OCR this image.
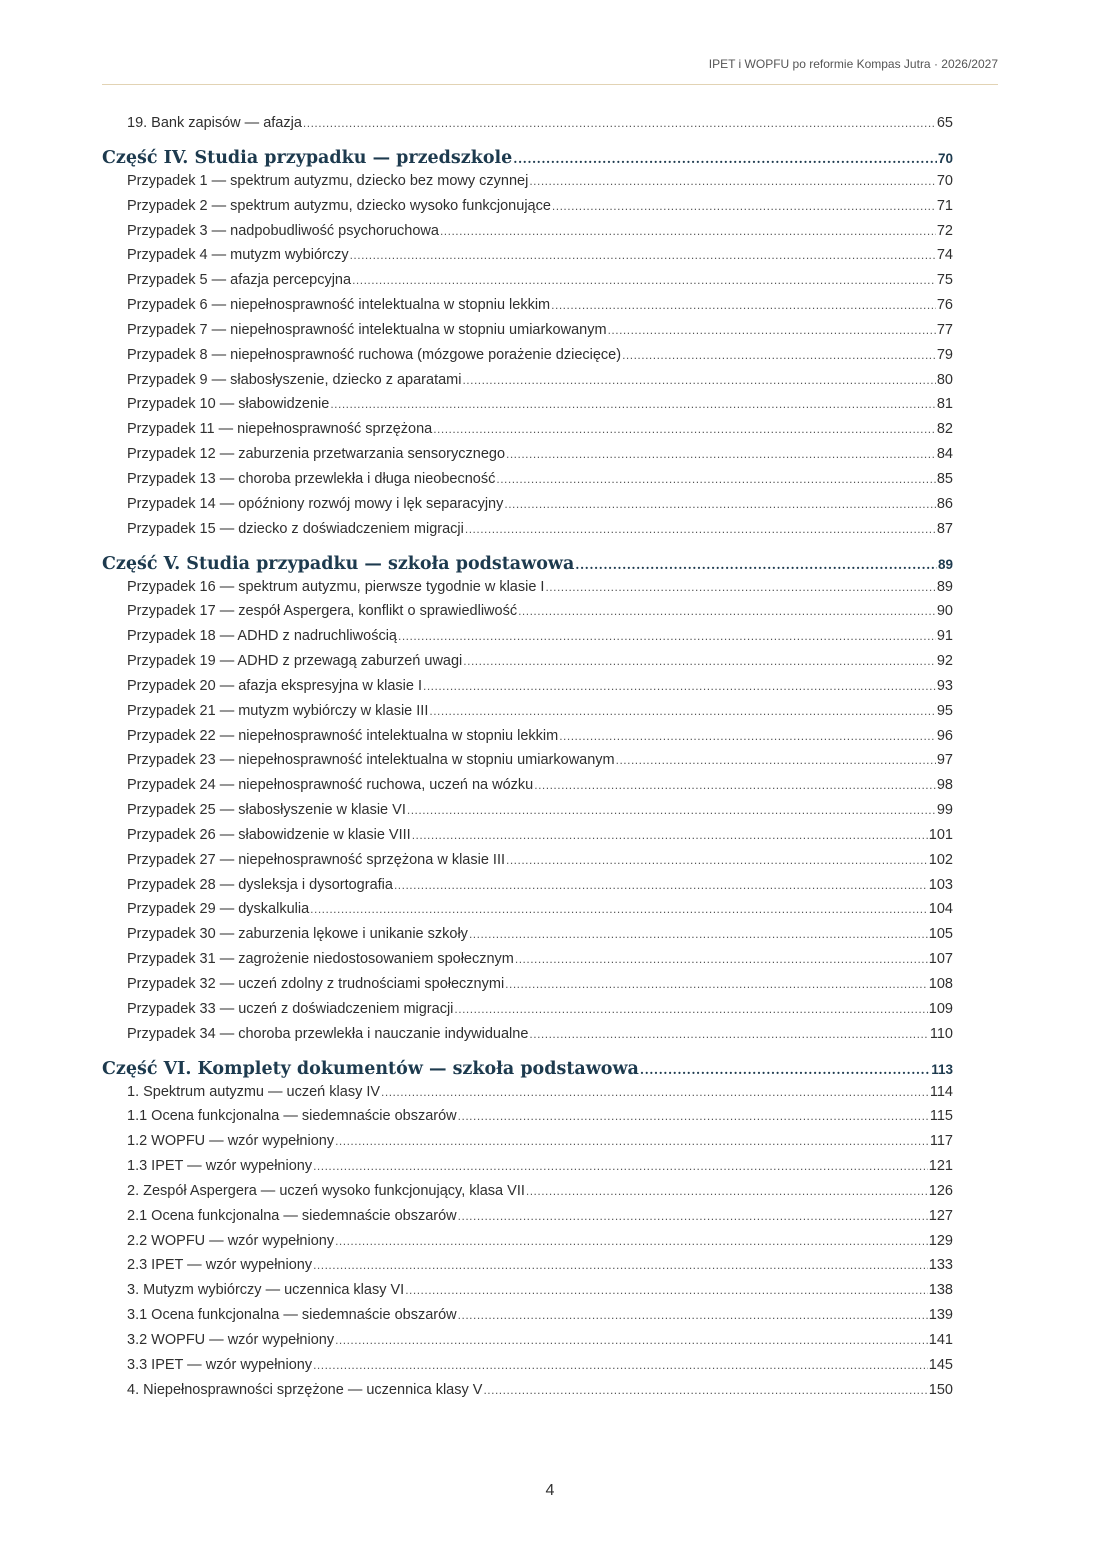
IPET i WOPFU po reformie Kompas Jutra · 2026/2027
19. Bank zapisów — afazja .....	65
Część IV. Studia przypadku — przedszkole .....	70
Przypadek 1 — spektrum autyzmu, dziecko bez mowy czynnej .....	70
Przypadek 2 — spektrum autyzmu, dziecko wysoko funkcjonujące .....	71
Przypadek 3 — nadpobudliwość psychoruchowa .....	72
Przypadek 4 — mutyzm wybiórczy .....	74
Przypadek 5 — afazja percepcyjna .....	75
Przypadek 6 — niepełnosprawność intelektualna w stopniu lekkim .....	76
Przypadek 7 — niepełnosprawność intelektualna w stopniu umiarkowanym .....	77
Przypadek 8 — niepełnosprawność ruchowa (mózgowe porażenie dziecięce) .....	79
Przypadek 9 — słabosłyszenie, dziecko z aparatami .....	80
Przypadek 10 — słabowidzenie .....	81
Przypadek 11 — niepełnosprawność sprzężona .....	82
Przypadek 12 — zaburzenia przetwarzania sensorycznego .....	84
Przypadek 13 — choroba przewlekła i długa nieobecność .....	85
Przypadek 14 — opóźniony rozwój mowy i lęk separacyjny .....	86
Przypadek 15 — dziecko z doświadczeniem migracji .....	87
Część V. Studia przypadku — szkoła podstawowa .....	89
Przypadek 16 — spektrum autyzmu, pierwsze tygodnie w klasie I .....	89
Przypadek 17 — zespół Aspergera, konflikt o sprawiedliwość .....	90
Przypadek 18 — ADHD z nadruchliwością .....	91
Przypadek 19 — ADHD z przewagą zaburzeń uwagi .....	92
Przypadek 20 — afazja ekspresyjna w klasie I .....	93
Przypadek 21 — mutyzm wybiórczy w klasie III .....	95
Przypadek 22 — niepełnosprawność intelektualna w stopniu lekkim .....	96
Przypadek 23 — niepełnosprawność intelektualna w stopniu umiarkowanym .....	97
Przypadek 24 — niepełnosprawność ruchowa, uczeń na wózku .....	98
Przypadek 25 — słabosłyszenie w klasie VI .....	99
Przypadek 26 — słabowidzenie w klasie VIII .....	101
Przypadek 27 — niepełnosprawność sprzężona w klasie III .....	102
Przypadek 28 — dysleksja i dysortografia .....	103
Przypadek 29 — dyskalkulia .....	104
Przypadek 30 — zaburzenia lękowe i unikanie szkoły .....	105
Przypadek 31 — zagrożenie niedostosowaniem społecznym .....	107
Przypadek 32 — uczeń zdolny z trudnościami społecznymi .....	108
Przypadek 33 — uczeń z doświadczeniem migracji .....	109
Przypadek 34 — choroba przewlekła i nauczanie indywidualne .....	110
Część VI. Komplety dokumentów — szkoła podstawowa .....	113
1. Spektrum autyzmu — uczeń klasy IV .....	114
1.1 Ocena funkcjonalna — siedemnaście obszarów .....	115
1.2 WOPFU — wzór wypełniony .....	117
1.3 IPET — wzór wypełniony .....	121
2. Zespół Aspergera — uczeń wysoko funkcjonujący, klasa VII .....	126
2.1 Ocena funkcjonalna — siedemnaście obszarów .....	127
2.2 WOPFU — wzór wypełniony .....	129
2.3 IPET — wzór wypełniony .....	133
3. Mutyzm wybiórczy — uczennica klasy VI .....	138
3.1 Ocena funkcjonalna — siedemnaście obszarów .....	139
3.2 WOPFU — wzór wypełniony .....	141
3.3 IPET — wzór wypełniony .....	145
4. Niepełnosprawności sprzężone — uczennica klasy V .....	150
4
